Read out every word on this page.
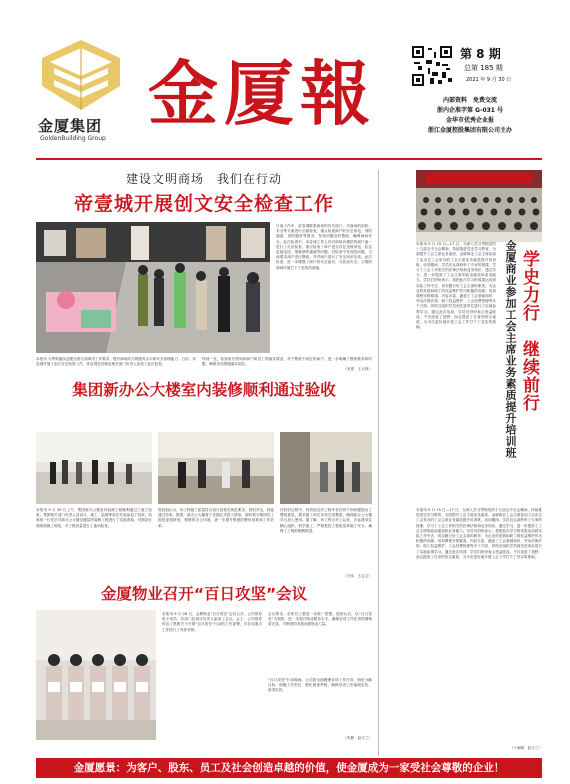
金厦集团
GoldenBuilding Group
金厦報	第 8 期
总第 185 期
2021 年 9 月 30 日
内部资料　免费交流
浙内企准字第 G-031 号
金华市优秀企业报
浙江金厦控股集团有限公司主办
建设文明商场　我们在行动
帝壹城开展创文安全检查工作
日前工作中，帝壹城联系商场的有关部门，对商场的消防、安全等方面进行全面检查，重点检查商户的安全用电、消防通道、消防器材等情况，发现问题及时整改，确保商场安全。此次检查中，帝壹城工作人员对商场各楼层的商户逐一进行了走访检查，重点检查了商户是否存在违规用电、私拉乱接电线、堵塞消防通道等问题，对检查中发现的问题，当场要求商户进行整改，并对商户进行了安全知识宣传。此次检查，进一步增强了商户的安全意识，为营造安全、文明的商场环境打下了坚实的基础。
本报讯 为贯彻落实创建全国文明城市工作要求，提升商场的文明服务水平和安全管理能力，日前，帝壹城开展了创文安全检查工作，帝壹城总经理及相关部门负责人参加了此次检查。
每到一处，检查组仔细询问商户和员工的落实情况，对于整改不到位的商户，进一步明确了整改要求和时限，确保各项措施落实到位。
（宋建　王大林）
集团新办公大楼室内装修顺利通过验收
本报讯 9 月 30 日上午，集团新办公楼室内装修工程顺利通过了竣工验收。集团相关部门负责人及设计、施工、监理等单位代表参加了验收。验收组一行先后对新办公大楼各楼层的装修工程进行了实地查看，对照设计图纸和施工规范，对工程质量进行了逐项检查。
验收组认为，该工程施工质量符合设计及相关规范要求，资料齐全，同意通过验收。据悉，新办公大楼将于近期正式投入使用，届时将为集团员工提供更加舒适、便捷的办公环境，进一步提升集团的整体形象和工作效率。
在验收过程中，验收组还对工程中存在的个别问题提出了整改意见，要求施工单位尽快完成整改，确保新办公大楼早日投入使用。据了解，该工程自开工以来，各参建单位精心组织、科学施工，严格把控工程质量和施工安全，确保了工程的顺利推进。
（石伟　王志文）
金厦物业召开“百日攻坚”会议
本报讯 9 月 26 日，金厦物业“百日攻坚”会议召开，公司领导班子成员、各部门及项目负责人参加了会议。会上，公司领导传达了集团关于开展“百日攻坚”行动的工作部署，对各项重点工作进行了具体安排。
会议要求，全体员工要进一步统一思想，提高认识，以“百日攻坚”为契机，进一步提升物业服务水平，确保各项工作任务按期保质完成，为集团的发展贡献物业力量。
“百日攻坚”行动期间，公司将全面梳理各项工作任务，细化分解目标，明确工作责任，强化督查考核，确保各项工作落到实处、取得实效。
（朱静　赵丰兰）
学史力行　继续前行
金厦商业参加工会主席业务素质提升培训班
本报讯 9 月 15 日—17 日，为深入学习贯彻党的十九届五中全会精神，持续推进党史学习教育，全面提升工会主席业务素质，金厦商业工会主席参加了由市总工会举办的工会主席业务素质提升培训班。培训期间，学员们认真聆听了专家的授课，学习了工会工作相关的法律法规和业务知识，通过学习，进一步提高了工会主席的政治素质和业务能力。学员们纷纷表示，将把此次学习的成果运用到实际工作中去，切实履行好工会主席的职责，为企业的发展和职工的权益维护作出积极的贡献。培训课程安排紧凑、内容丰富，涵盖了工会基础知识、劳动法律法规、职工权益维护、工会经费管理等多个方面，同时还组织学员到先进单位进行了实地参观学习。通过此次培训，学员们纷纷表示受益匪浅，不仅拓宽了视野，而且提高了自身的综合素质，为今后更好地开展工会工作打下了坚实的基础。
本报讯 9 月 15 日—17 日，为深入学习贯彻党的十九届五中全会精神，持续推进党史学习教育，全面提升工会主席业务素质，金厦商业工会主席参加了由市总工会举办的工会主席业务素质提升培训班。培训期间，学员们认真聆听了专家的授课，学习了工会工作相关的法律法规和业务知识，通过学习，进一步提高了工会主席的政治素质和业务能力。学员们纷纷表示，将把此次学习的成果运用到实际工作中去，切实履行好工会主席的职责，为企业的发展和职工的权益维护作出积极的贡献。培训课程安排紧凑、内容丰富，涵盖了工会基础知识、劳动法律法规、职工权益维护、工会经费管理等多个方面，同时还组织学员到先进单位进行了实地参观学习。通过此次培训，学员们纷纷表示受益匪浅，不仅拓宽了视野，而且提高了自身的综合素质，为今后更好地开展工会工作打下了坚实的基础。
（于雨萌　赵丰兰）
金厦愿景：为客户、股东、员工及社会创造卓越的价值，使金厦成为一家受社会尊敬的企业！
